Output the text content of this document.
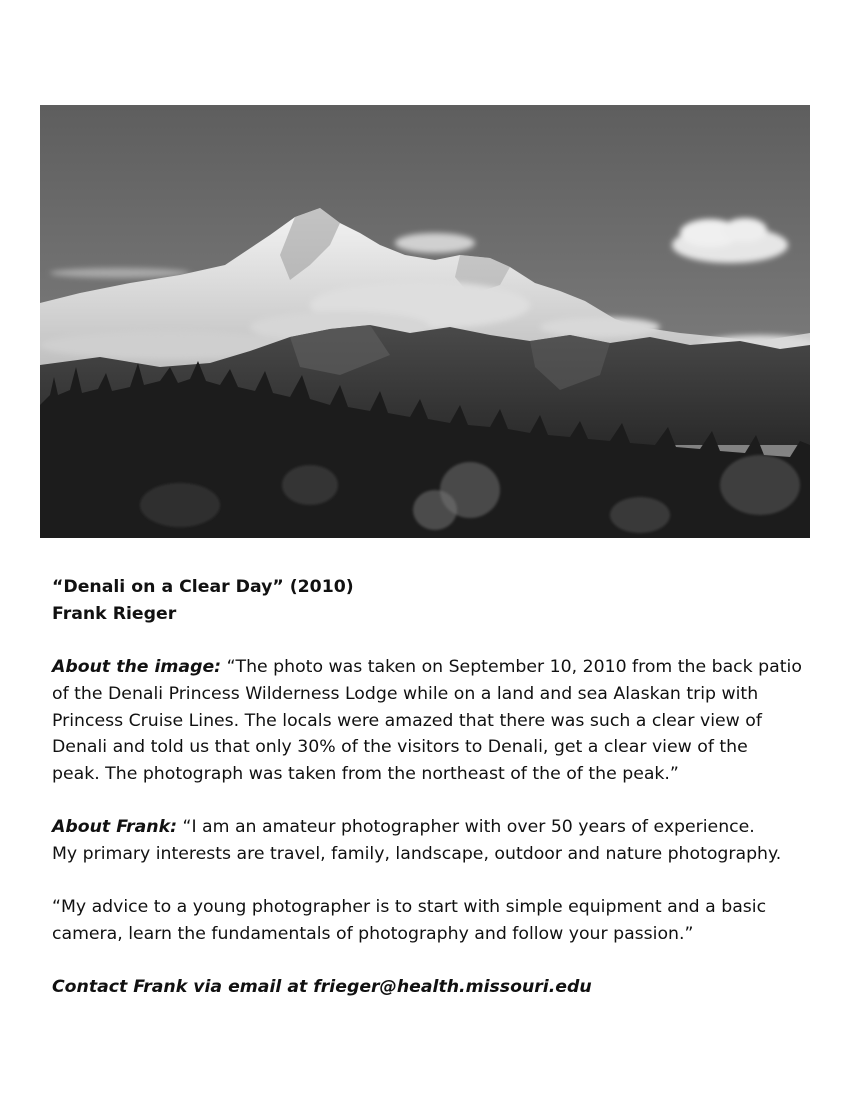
“Denali on a Clear Day” (2010)

Frank Rieger

About the image: “The photo was taken on September 10, 2010 from the back patio
of the Denali Princess Wilderness Lodge while on a land and sea Alaskan trip with
Princess Cruise Lines. The locals were amazed that there was such a clear view of
Denali and told us that only 30% of the visitors to Denali, get a clear view of the
peak. The photograph was taken from the northeast of the of the peak.”

About Frank: “I am an amateur photographer with over 50 years of experience.
My primary interests are travel, family, landscape, outdoor and nature photography.

“My advice to a young photographer is to start with simple equipment and a basic
camera, learn the fundamentals of photography and follow your passion.”

Contact Frank via email at frieger@health.missouri.edu
